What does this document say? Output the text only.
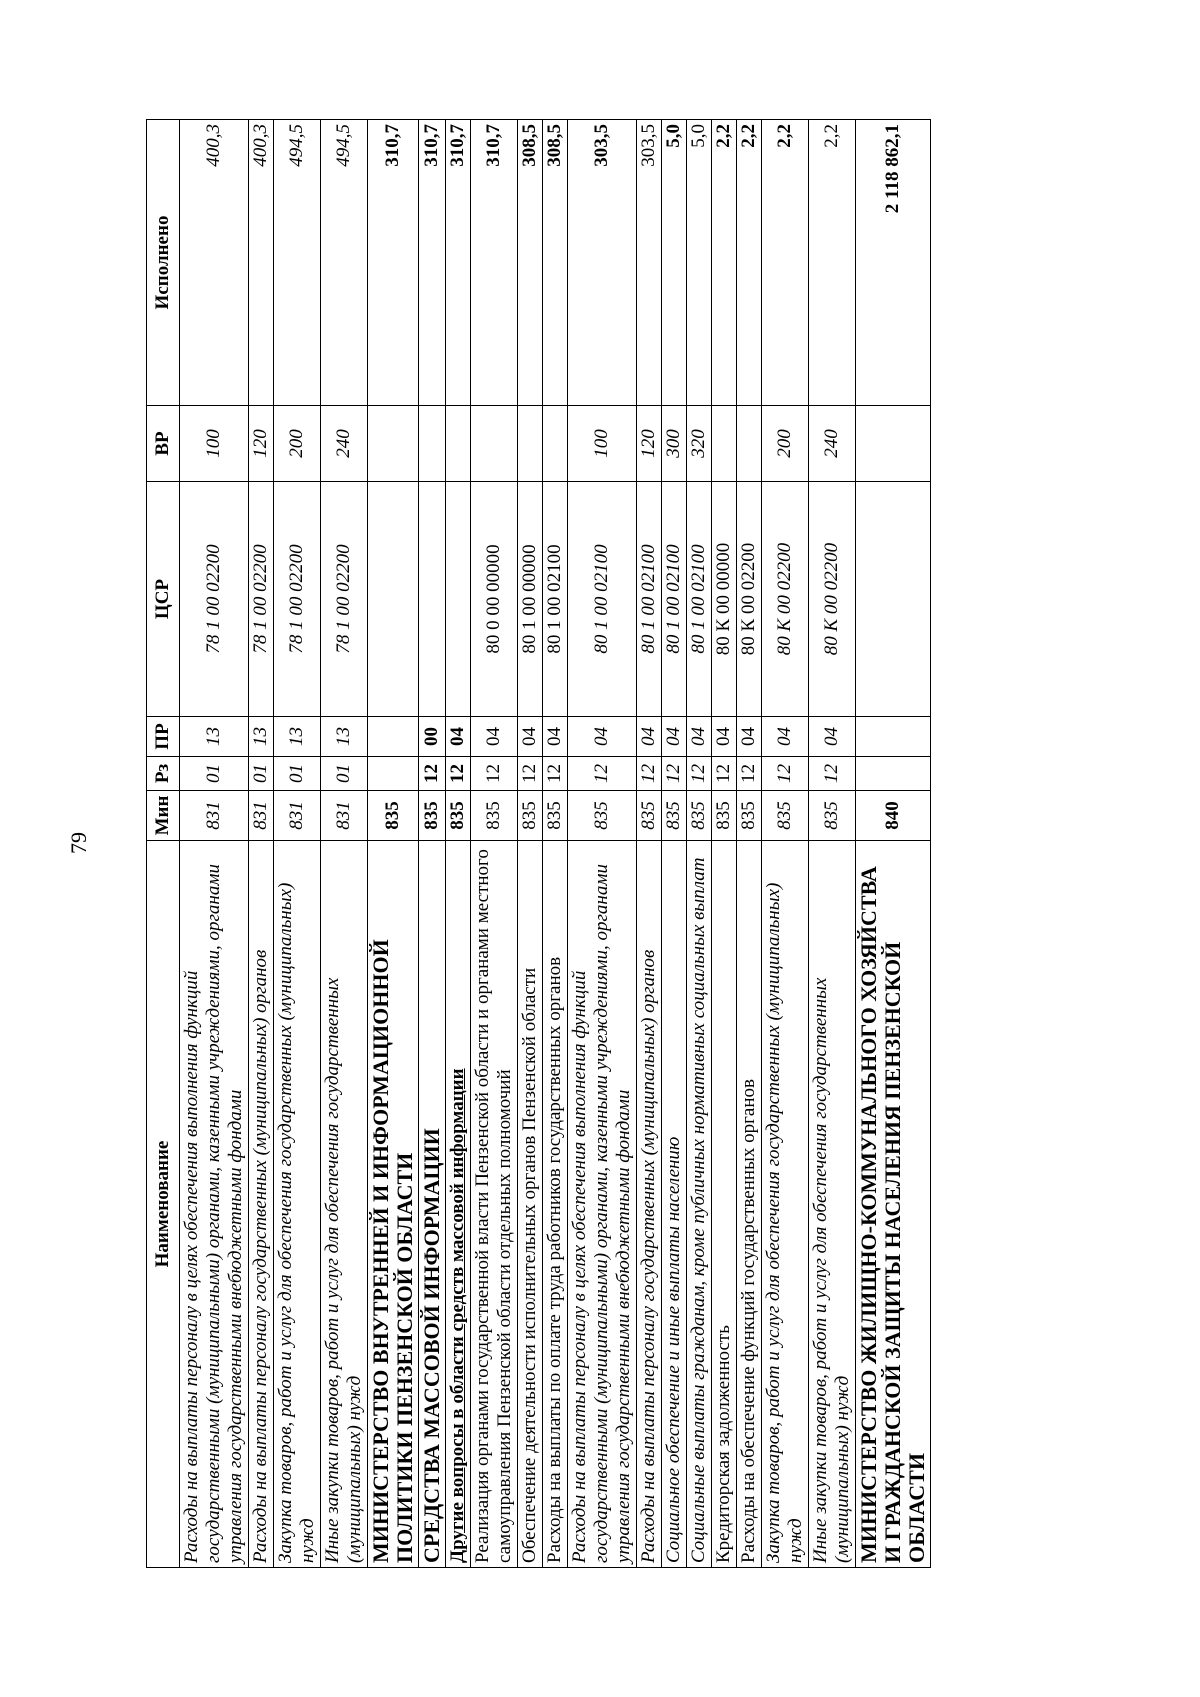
79
Наименование	Мин	Рз	ПР	ЦСР	ВР	Исполнено
Расходы на выплаты персоналу в целях обеспечения выполнения функций государственными (муниципальными) органами, казенными учреждениями, органами управления государственными внебюджетными фондами	831	01	13	78 1 00 02200	100	400,3
Расходы на выплаты персоналу государственных (муниципальных) органов	831	01	13	78 1 00 02200	120	400,3
Закупка товаров, работ и услуг для обеспечения государственных (муниципальных) нужд	831	01	13	78 1 00 02200	200	494,5
Иные закупки товаров, работ и услуг для обеспечения государственных (муниципальных) нужд	831	01	13	78 1 00 02200	240	494,5
МИНИСТЕРСТВО ВНУТРЕННЕЙ И ИНФОРМАЦИОННОЙ ПОЛИТИКИ ПЕНЗЕНСКОЙ ОБЛАСТИ	835					310,7
СРЕДСТВА МАССОВОЙ ИНФОРМАЦИИ	835	12	00			310,7
Другие вопросы в области средств массовой информации	835	12	04			310,7
Реализация органами государственной власти Пензенской области и органами местного самоуправления Пензенской области отдельных полномочий	835	12	04	80 0 00 00000		310,7
Обеспечение деятельности исполнительных органов Пензенской области	835	12	04	80 1 00 00000		308,5
Расходы на выплаты по оплате труда работников государственных органов	835	12	04	80 1 00 02100		308,5
Расходы на выплаты персоналу в целях обеспечения выполнения функций государственными (муниципальными) органами, казенными учреждениями, органами управления государственными внебюджетными фондами	835	12	04	80 1 00 02100	100	303,5
Расходы на выплаты персоналу государственных (муниципальных) органов	835	12	04	80 1 00 02100	120	303,5
Социальное обеспечение и иные выплаты населению	835	12	04	80 1 00 02100	300	5,0
Социальные выплаты гражданам, кроме публичных нормативных социальных выплат	835	12	04	80 1 00 02100	320	5,0
Кредиторская задолженность	835	12	04	80 К 00 00000		2,2
Расходы на обеспечение функций государственных органов	835	12	04	80 К 00 02200		2,2
Закупка товаров, работ и услуг для обеспечения государственных (муниципальных) нужд	835	12	04	80 К 00 02200	200	2,2
Иные закупки товаров, работ и услуг для обеспечения государственных (муниципальных) нужд	835	12	04	80 К 00 02200	240	2,2
МИНИСТЕРСТВО ЖИЛИЩНО-КОММУНАЛЬНОГО ХОЗЯЙСТВА И ГРАЖДАНСКОЙ ЗАЩИТЫ НАСЕЛЕНИЯ ПЕНЗЕНСКОЙ ОБЛАСТИ	840					2 118 862,1
